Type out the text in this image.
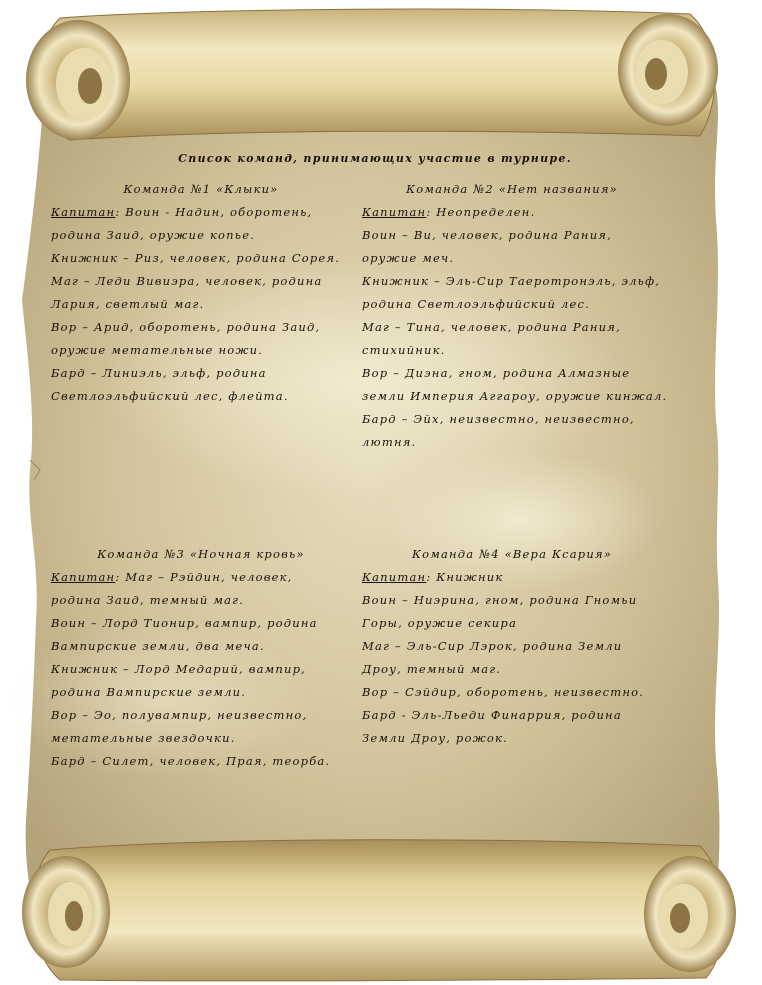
Список команд, принимающих участие в турнире.
Команда №1 «Клыки»
Капитан: Воин - Надин, оборотень,
родина Заид, оружие копье.
Книжник – Риз, человек, родина Сорея.
Маг – Леди Вивиэра, человек, родина
Лария, светлый маг.
Вор – Арид, оборотень, родина Заид,
оружие метательные ножи.
Бард – Линиэль, эльф, родина
Светлоэльфийский лес, флейта.
Команда №2 «Нет названия»
Капитан: Неопределен.
Воин – Ви, человек, родина Рания,
оружие меч.
Книжник – Эль-Сир Таеротронэль, эльф,
родина Светлоэльфийский лес.
Маг – Тина, человек, родина Рания,
стихийник.
Вор – Диэна, гном, родина Алмазные
земли Империя Аггароу, оружие кинжал.
Бард – Эйх, неизвестно, неизвестно,
лютня.
Команда №3 «Ночная кровь»
Капитан: Маг – Рэйдин, человек,
родина Заид, темный маг.
Воин – Лорд Тионир, вампир, родина
Вампирские земли, два меча.
Книжник – Лорд Медарий, вампир,
родина Вампирские земли.
Вор – Эо, полувампир, неизвестно,
метательные звездочки.
Бард – Силет, человек, Прая, теорба.
Команда №4 «Вера Ксария»
Капитан: Книжник
Воин – Ниэрина, гном, родина Гномьи
Горы, оружие секира
Маг – Эль-Сир Лэрок, родина Земли
Дроу, темный маг.
Вор – Сэйдир, оборотень, неизвестно.
Бард - Эль-Льеди Финаррия, родина
Земли Дроу, рожок.
